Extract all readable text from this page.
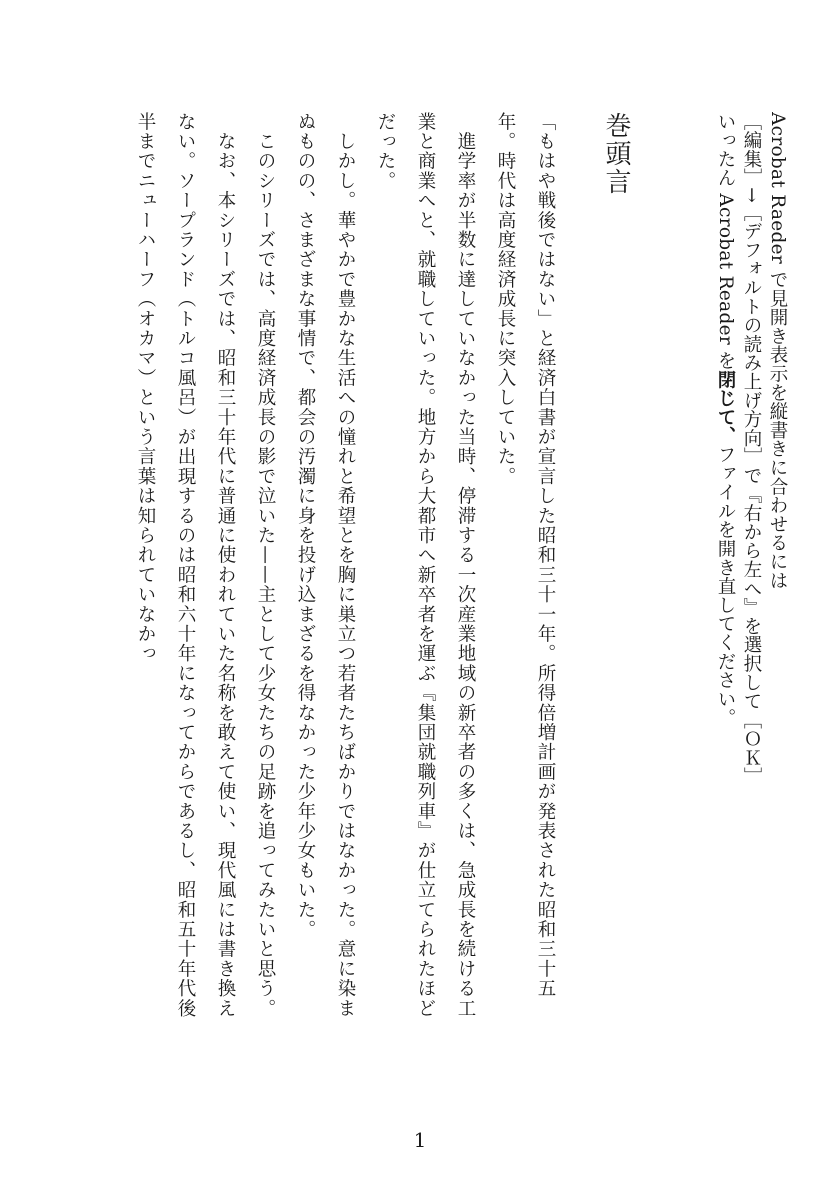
Acrobat Raeder で見開き表示を縦書きに合わせるには
［編集］→［デフォルトの読み上げ方向］で『右から左へ』を選択して［ＯＫ］
いったん Acrobat Reader を閉じて、ファイルを開き直してください。
巻頭言

「もはや戦後ではない」と経済白書が宣言した昭和三十一年。所得倍増計画が発表された昭和三十五年。時代は高度経済成長に突入していた。

　進学率が半数に達していなかった当時、停滞する一次産業地域の新卒者の多くは、急成長を続ける工業と商業へと、就職していった。地方から大都市へ新卒者を運ぶ『集団就職列車』が仕立てられたほどだった。

　しかし。華やかで豊かな生活への憧れと希望とを胸に巣立つ若者たちばかりではなかった。意に染まぬものの、さまざまな事情で、都会の汚濁に身を投げ込まざるを得なかった少年少女もいた。

　このシリーズでは、高度経済成長の影で泣いた——主として少女たちの足跡を追ってみたいと思う。

　なお、本シリーズでは、昭和三十年代に普通に使われていた名称を敢えて使い、現代風には書き換えない。ソープランド（トルコ風呂）が出現するのは昭和六十年になってからであるし、昭和五十年代後半までニューハーフ（オカマ）という言葉は知られていなかっ

1
